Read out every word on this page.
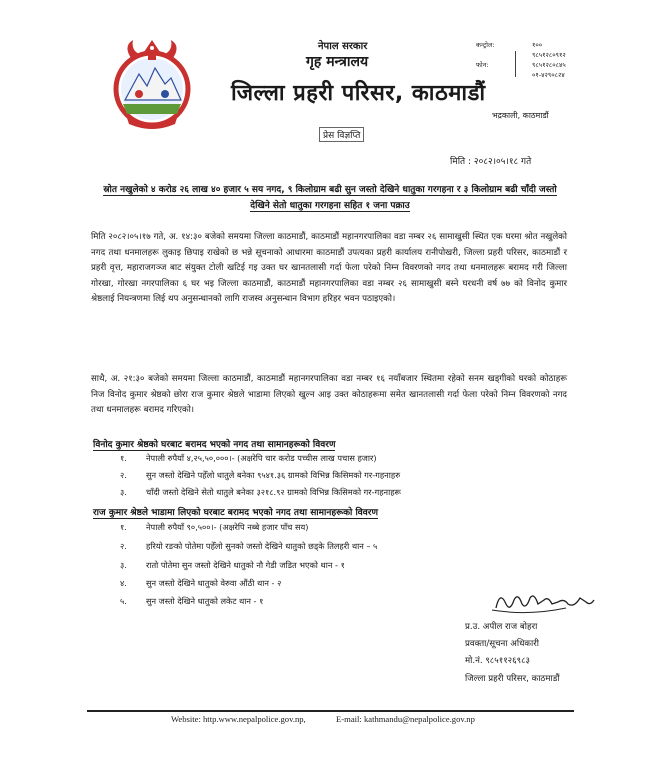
नेपाल सरकार
गृह मन्त्रालय
जिल्ला प्रहरी परिसर, काठमाडौं
प्रेस विज्ञप्ति
कन्ट्रोल:	१००
९८५१२८०९१२
फोन:	९८५१२८०८४५
०१-४२९०८२४
भद्रकाली, काठमाडौं
मिति : २०८२।०५।१८ गते
स्रोत नखुलेको ४ करोड २६ लाख ४० हजार ५ सय नगद, ९ किलोग्राम बढी सुन जस्तो देखिने धातुका गरगहना र ३ किलोग्राम बढी चाँदी जस्तो देखिने सेतो धातुका गरगहना सहित १ जना पक्राउ
मिति २०८२।०५।१७ गते, अ. १४:३० बजेको समयमा जिल्ला काठमाडौं, काठमाडौं महानगरपालिका वडा नम्बर २६ सामाखुसी स्थित एक घरमा श्रोत नखुलेको नगद तथा धनमालहरू लुकाइ छिपाइ राखेको छ भन्ने सूचनाको आधारमा काठमाडौं उपत्यका प्रहरी कार्यालय रानीपोखरी, जिल्ला प्रहरी परिसर, काठमाडौं र प्रहरी वृत्त, महाराजगञ्ज बाट संयुक्त टोली खटिई गइ उक्त घर खानतलासी गर्दा फेला परेको निम्न विवरणको नगद तथा धनमालहरू बरामद गरी जिल्ला गोरखा, गोरखा नगरपालिका ६ घर भइ जिल्ला काठमाडौं, काठमाडौं महानगरपालिका वडा नम्बर २६ सामाखुसी बस्ने घरधनी वर्ष ७७ को विनोद कुमार श्रेष्ठलाई नियन्त्रणमा लिई थप अनुसन्धानको लागि राजस्व अनुसन्धान विभाग हरिहर भवन पठाइएको।
साथै, अ. २१:३० बजेको समयमा जिल्ला काठमाडौं, काठमाडौं महानगरपालिका वडा नम्बर १६ नयाँबजार स्थितमा रहेको सनम खड्गीको घरको कोठाहरू निज विनोद कुमार श्रेष्ठको छोरा राज कुमार श्रेष्ठले भाडामा लिएको खुल्न आइ उक्त कोठाहरूमा समेत खानतलासी गर्दा फेला परेको निम्न विवरणको नगद तथा धनमालहरू बरामद गरिएको।
विनोद कुमार श्रेष्ठको घरबाट बरामद भएको नगद तथा सामानहरूको विवरण
१. नेपाली रुपैयाँ ४,२५,५०,०००।- (अक्षरेपि चार करोड पच्चीस लाख पचास हजार)
२. सुन जस्तो देखिने पहेँलो धातुले बनेका ९५४१.३६ ग्रामको विभिन्न किसिमको गर-गहनाहरु
३. चाँदी जस्तो देखिने सेतो धातुले बनेका ३२१८.९२ ग्रामको विभिन्न किसिमको गर-गहनाहरू
राज कुमार श्रेष्ठले भाडामा लिएको घरबाट बरामद भएको नगद तथा सामानहरूको विवरण
१. नेपाली रुपैयाँ ९०,५००।- (अक्षरेपि नब्बे हजार पाँच सय)
२. हरियो रङको पोतेमा पहेँलो सुनको जस्तो देखिने धातुको छड्के तिलहरी थान – ५
३. रातो पोतेमा सुन जस्तो देखिने धातुको नौ गेडी जडित भएको थान - १
४. सुन जस्तो देखिने धातुको वेरुवा औंठी थान - २
५. सुन जस्तो देखिने धातुको लकेट थान - १
प्र.उ. अपील राज बोहरा
प्रवक्ता/सूचना अधिकारी
मो.नं. ९८५११२६९८३
जिल्ला प्रहरी परिसर, काठमाडौं
Website: http.www.nepalpolice.gov.np,	E-mail: kathmandu@nepalpolice.gov.np
